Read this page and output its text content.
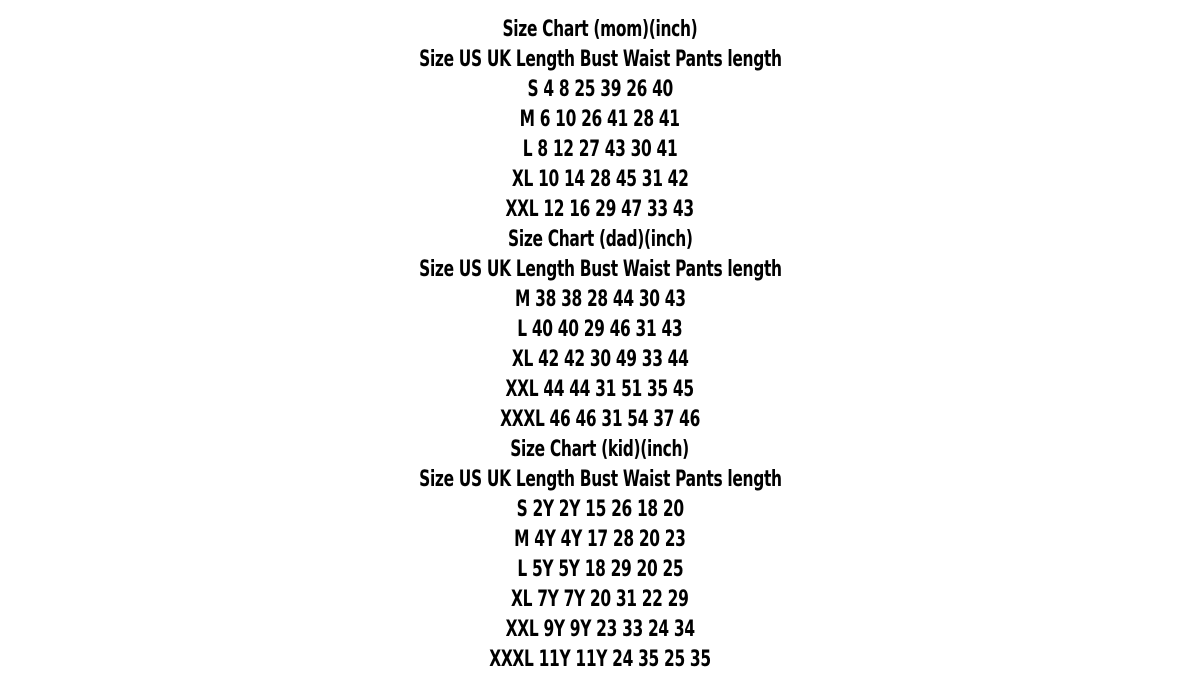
Size Chart (mom)(inch)
Size US UK Length Bust Waist Pants length
S 4 8 25 39 26 40
M 6 10 26 41 28 41
L 8 12 27 43 30 41
XL 10 14 28 45 31 42
XXL 12 16 29 47 33 43
Size Chart (dad)(inch)
Size US UK Length Bust Waist Pants length
M 38 38 28 44 30 43
L 40 40 29 46 31 43
XL 42 42 30 49 33 44
XXL 44 44 31 51 35 45
XXXL 46 46 31 54 37 46
Size Chart (kid)(inch)
Size US UK Length Bust Waist Pants length
S 2Y 2Y 15 26 18 20
M 4Y 4Y 17 28 20 23
L 5Y 5Y 18 29 20 25
XL 7Y 7Y 20 31 22 29
XXL 9Y 9Y 23 33 24 34
XXXL 11Y 11Y 24 35 25 35
